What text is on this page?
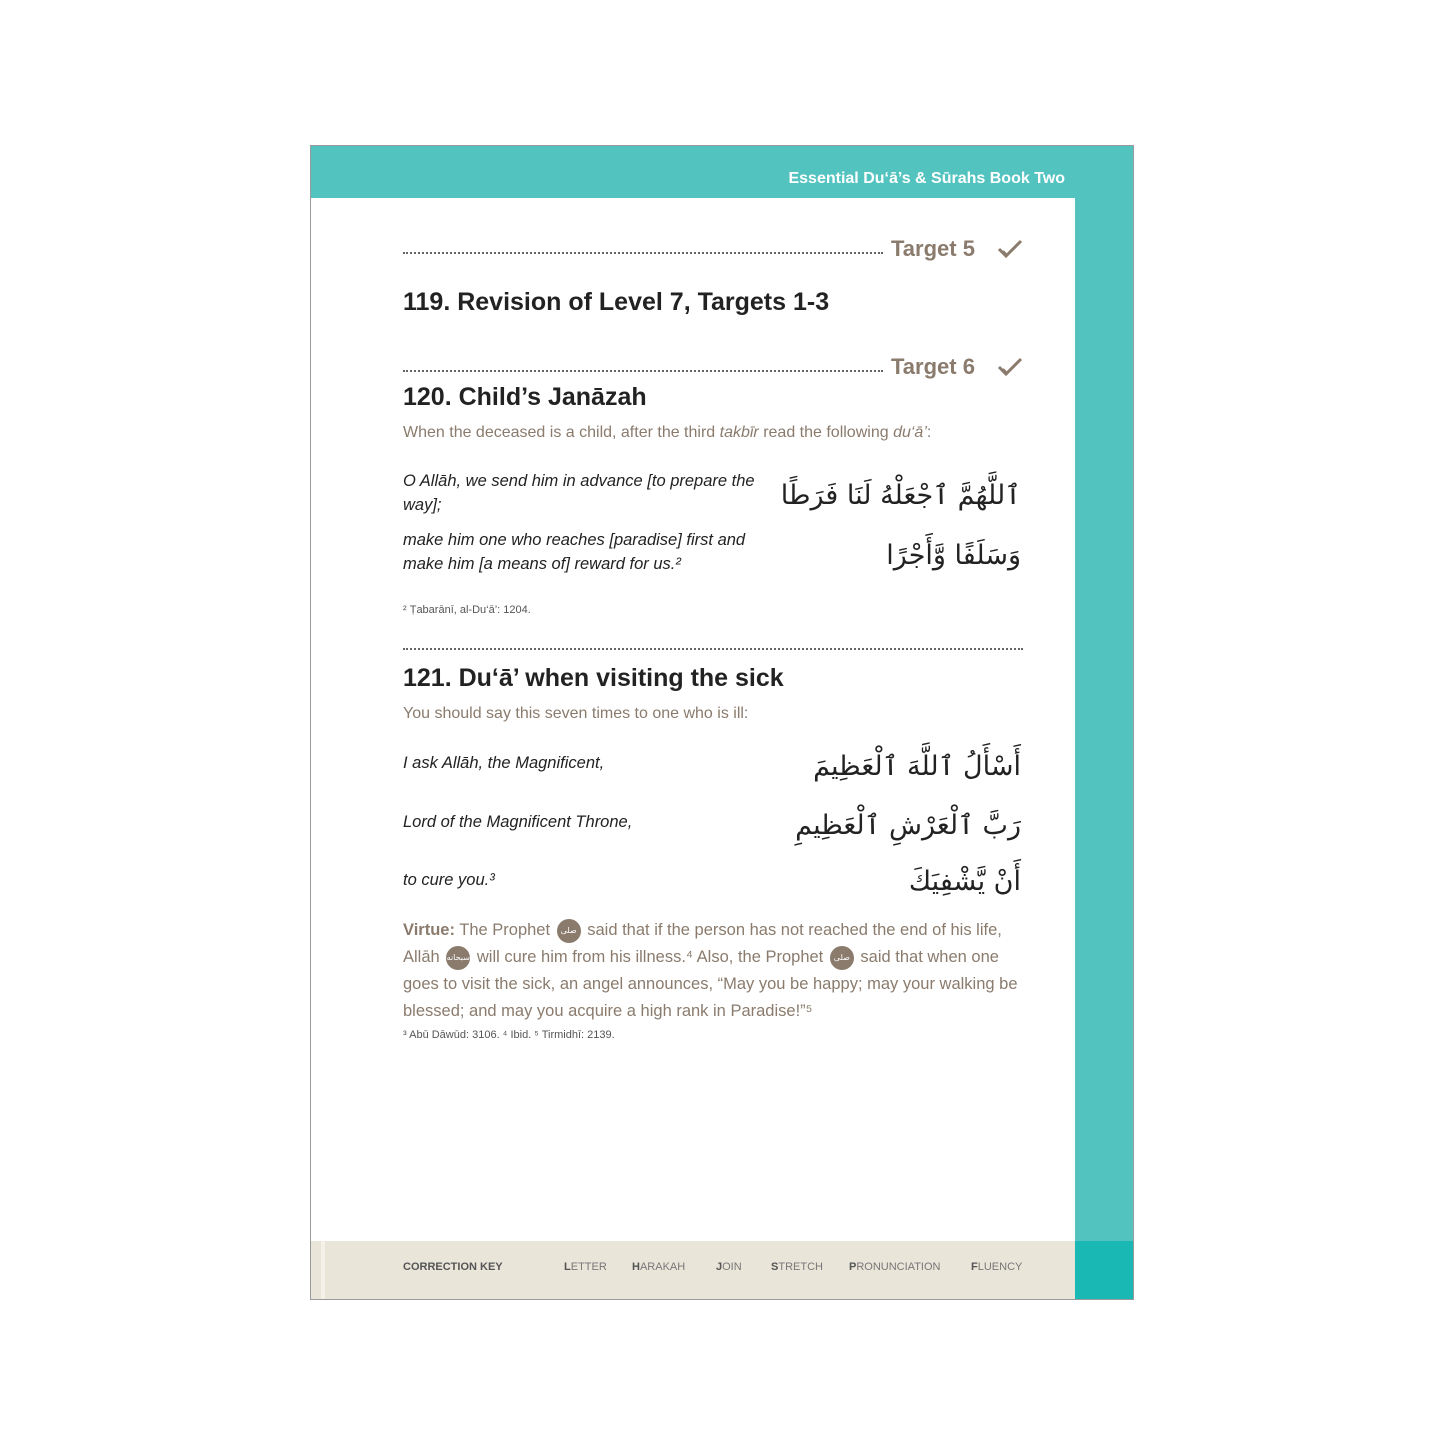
Essential Du‘ā’s & Sūrahs Book Two
Target 5
119. Revision of Level 7, Targets 1-3
Target 6
120. Child’s Janāzah
When the deceased is a child, after the third takbīr read the following du‘ā’:
O Allāh, we send him in advance [to prepare the way];	ٱللَّهُمَّ ٱجْعَلْهُ لَنَا فَرَطًا
make him one who reaches [paradise] first and make him [a means of] reward for us.²	وَسَلَفًا وَّأَجْرًا
² Ṭabarānī, al-Du‘ā’: 1204.
121. Du‘ā’ when visiting the sick
You should say this seven times to one who is ill:
I ask Allāh, the Magnificent,	أَسْأَلُ ٱللَّهَ ٱلْعَظِيمَ
Lord of the Magnificent Throne,	رَبَّ ٱلْعَرْشِ ٱلْعَظِيمِ
to cure you.³	أَنْ يَّشْفِيَكَ
Virtue: The Prophet صلى said that if the person has not reached the end of his life, Allāh سبحانه will cure him from his illness.⁴ Also, the Prophet صلى said that when one goes to visit the sick, an angel announces, “May you be happy; may your walking be blessed; and may you acquire a high rank in Paradise!”⁵
³ Abū Dāwūd: 3106. ⁴ Ibid. ⁵ Tirmidhī: 2139.
CORRECTION KEY	LETTER HARAKAH	JOIN	STRETCH PRONUNCIATION	FLUENCY
